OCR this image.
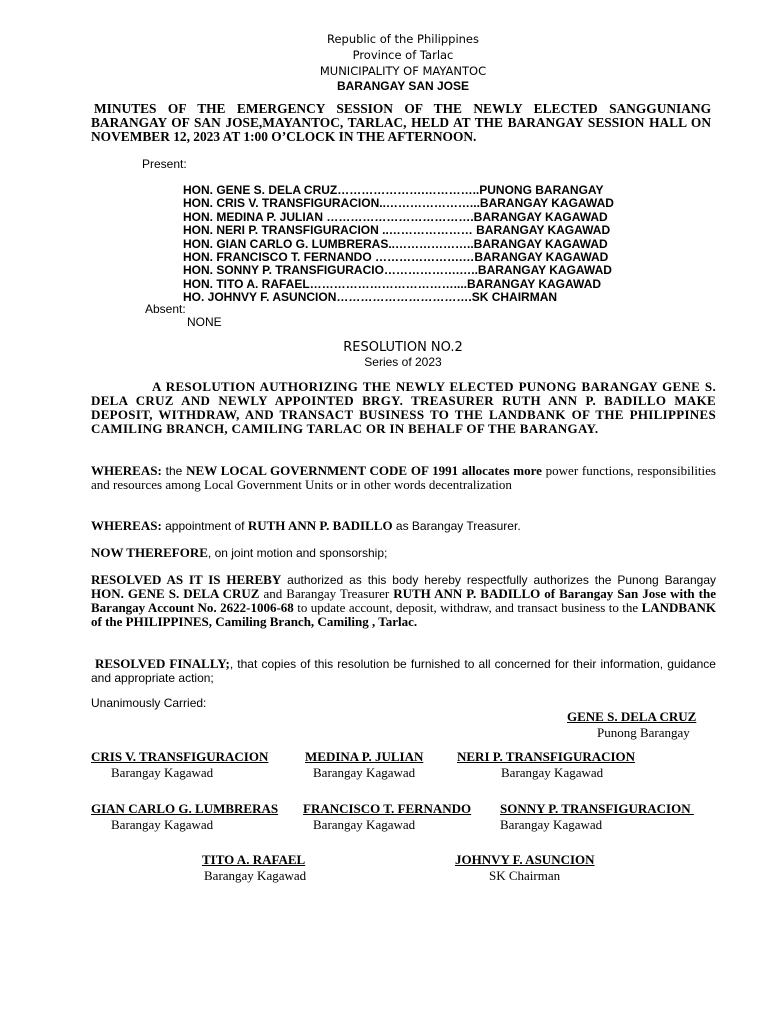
Republic of the Philippines
Province of Tarlac
MUNICIPALITY OF MAYANTOC
BARANGAY SAN JOSE
MINUTES OF THE EMERGENCY SESSION OF THE NEWLY ELECTED SANGGUNIANG BARANGAY OF SAN JOSE,MAYANTOC, TARLAC, HELD AT THE BARANGAY SESSION HALL ON NOVEMBER 12, 2023 AT 1:00 O’CLOCK IN THE AFTERNOON.
Present:
HON. GENE S. DELA CRUZ………………….…………..PUNONG BARANGAY
HON. CRIS V. TRANSFIGURACION..…………………...BARANGAY KAGAWAD
HON. MEDINA P. JULIAN ……………………………….BARANGAY KAGAWAD
HON. NERI P. TRANSFIGURACION ..………………… BARANGAY KAGAWAD
HON. GIAN CARLO G. LUMBRERAS..………………..BARANGAY KAGAWAD
HON. FRANCISCO T. FERNANDO ………………….…BARANGAY KAGAWAD
HON. SONNY P. TRANSFIGURACIO……………….…..BARANGAY KAGAWAD
HON. TITO A. RAFAEL………………………………....BARANGAY KAGAWAD
HO. JOHNVY F. ASUNCION…………………………….SK CHAIRMAN
Absent:
NONE
RESOLUTION NO.2
Series of 2023
A RESOLUTION AUTHORIZING THE NEWLY ELECTED PUNONG BARANGAY GENE S. DELA CRUZ AND NEWLY APPOINTED BRGY. TREASURER RUTH ANN P. BADILLO MAKE DEPOSIT, WITHDRAW, AND TRANSACT BUSINESS TO THE LANDBANK OF THE PHILIPPINES CAMILING BRANCH, CAMILING TARLAC OR IN BEHALF OF THE BARANGAY.
WHEREAS: the NEW LOCAL GOVERNMENT CODE OF 1991 allocates more power functions, responsibilities and resources among Local Government Units or in other words decentralization
WHEREAS: appointment of RUTH ANN P. BADILLO as Barangay Treasurer.
NOW THEREFORE, on joint motion and sponsorship;
RESOLVED AS IT IS HEREBY authorized as this body hereby respectfully authorizes the Punong Barangay HON. GENE S. DELA CRUZ and Barangay Treasurer RUTH ANN P. BADILLO of Barangay San Jose with the Barangay Account No. 2622-1006-68 to update account, deposit, withdraw, and transact business to the LANDBANK of the PHILIPPINES, Camiling Branch, Camiling , Tarlac.
RESOLVED FINALLY;, that copies of this resolution be furnished to all concerned for their information, guidance and appropriate action;
Unanimously Carried:
GENE S. DELA CRUZ
Punong Barangay
CRIS V. TRANSFIGURACION
Barangay Kagawad
MEDINA P. JULIAN
Barangay Kagawad
NERI P. TRANSFIGURACION
Barangay Kagawad
GIAN CARLO G. LUMBRERAS
Barangay Kagawad
FRANCISCO T. FERNANDO
Barangay Kagawad
SONNY P. TRANSFIGURACION
Barangay Kagawad
TITO A. RAFAEL
Barangay Kagawad
JOHNVY F. ASUNCION
SK Chairman
